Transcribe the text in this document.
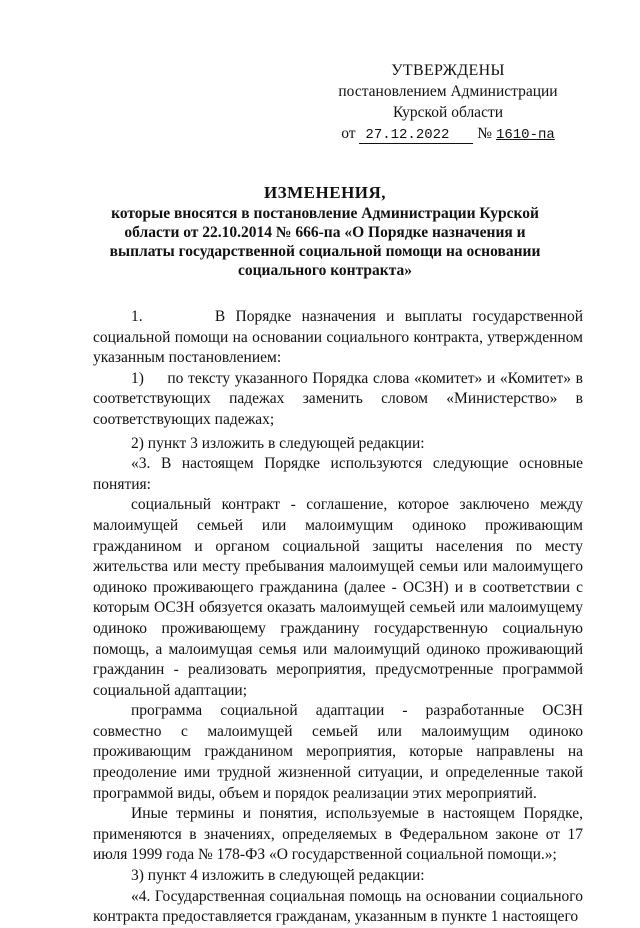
УТВЕРЖДЕНЫ
постановлением Администрации
Курской области
от 27.12.2022 № 1610-па
ИЗМЕНЕНИЯ,
которые вносятся в постановление Администрации Курской области от 22.10.2014 № 666-па «О Порядке назначения и выплаты государственной социальной помощи на основании социального контракта»

1.       В Порядке назначения и выплаты государственной социальной помощи на основании социального контракта, утвержденном указанным постановлением:

1)     по тексту указанного Порядка слова «комитет» и «Комитет» в соответствующих падежах заменить словом «Министерство» в соответствующих падежах;

2) пункт 3 изложить в следующей редакции:

«3. В настоящем Порядке используются следующие основные понятия:

социальный контракт - соглашение, которое заключено между малоимущей семьей или малоимущим одиноко проживающим гражданином и органом социальной защиты населения по месту жительства или месту пребывания малоимущей семьи или малоимущего одиноко проживающего гражданина (далее - ОСЗН) и в соответствии с которым ОСЗН обязуется оказать малоимущей семьей или малоимущему одиноко проживающему гражданину государственную социальную помощь, а малоимущая семья или малоимущий одиноко проживающий гражданин - реализовать мероприятия, предусмотренные программой социальной адаптации;

программа социальной адаптации - разработанные ОСЗН совместно с малоимущей семьей или малоимущим одиноко проживающим гражданином мероприятия, которые направлены на преодоление ими трудной жизненной ситуации, и определенные такой программой виды, объем и порядок реализации этих мероприятий.

Иные термины и понятия, используемые в настоящем Порядке, применяются в значениях, определяемых в Федеральном законе от 17 июля 1999 года № 178-ФЗ «О государственной социальной помощи.»;

3) пункт 4 изложить в следующей редакции:

«4. Государственная социальная помощь на основании социального контракта предоставляется гражданам, указанным в пункте 1 настоящего
